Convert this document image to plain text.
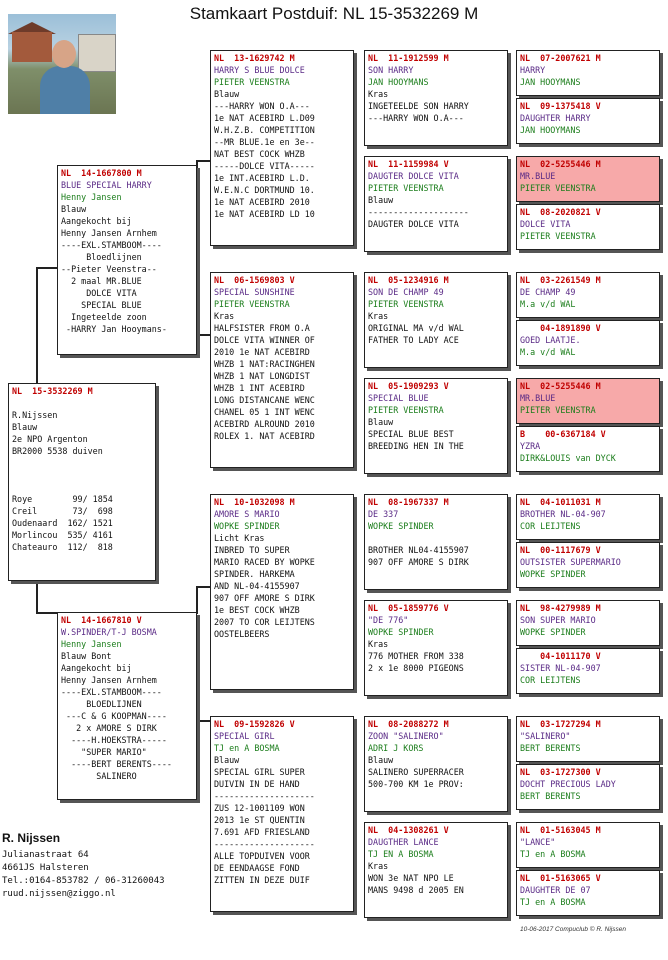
Stamkaart Postduif: NL 15-3532269 M
NL  15-3532269 M

R.Nijssen
Blauw
2e NPO Argenton
BR2000 5538 duiven

Roye        99/ 1854
Creil       73/  698
Oudenaard  162/ 1521
Morlincou  535/ 4161
Chateauro  112/  818
NL  14-1667800 M
BLUE SPECIAL HARRY
Henny Jansen
Blauw
Aangekocht bij
Henny Jansen Arnhem
----EXL.STAMBOOM----
Bloedlijnen
--Pieter Veenstra--
2 maal MR.BLUE
DOLCE VITA
SPECIAL BLUE
Ingeteelde zoon
-HARRY Jan Hooymans-
NL  14-1667810 V
W.SPINDER/T-J BOSMA
Henny Jansen
Blauw Bont
Aangekocht bij
Henny Jansen Arnhem
----EXL.STAMBOOM----
BLOEDLIJNEN
---C & G KOOPMAN----
2 x AMORE S DIRK
----H.HOEKSTRA-----
"SUPER MARIO"
----BERT BERENTS----
SALINERO
NL  13-1629742 M
HARRY S BLUE DOLCE
PIETER VEENSTRA
Blauw
---HARRY WON O.A---
1e NAT ACEBIRD L.D09
W.H.Z.B. COMPETITION
--MR BLUE.1e en 3e--
NAT BEST COCK WHZB
-----DOLCE VITA-----
1e INT.ACEBIRD L.D.
W.E.N.C DORTMUND 10.
1e NAT ACEBIRD 2010
1e NAT ACEBIRD LD 10
NL  06-1569803 V
SPECIAL SUNSHINE
PIETER VEENSTRA
Kras
HALFSISTER FROM O.A
DOLCE VITA WINNER OF
2010 1e NAT ACEBIRD
WHZB 1 NAT:RACINGHEN
WHZB 1 NAT LONGDIST
WHZB 1 INT ACEBIRD
LONG DISTANCANE WENC
CHANEL 05 1 INT WENC
ACEBIRD ALROUND 2010
ROLEX 1. NAT ACEBIRD
NL  10-1032098 M
AMORE S MARIO
WOPKE SPINDER
Licht Kras
INBRED TO SUPER
MARIO RACED BY WOPKE
SPINDER. HARKEMA
AND NL-04-4155907
907 OFF AMORE S DIRK
1e BEST COCK WHZB
2007 TO COR LEIJTENS
OOSTELBEERS
NL  09-1592826 V
SPECIAL GIRL
TJ en A BOSMA
Blauw
SPECIAL GIRL SUPER
DUIVIN IN DE HAND
--------------------
ZUS 12-1001109 WON
2013 1e ST QUENTIN
7.691 AFD FRIESLAND
--------------------
ALLE TOPDUIVEN VOOR
DE EENDAAGSE FOND
ZITTEN IN DEZE DUIF
NL  11-1912599 M
SON HARRY
JAN HOOYMANS
Kras
INGETEELDE SON HARRY
---HARRY WON O.A---
NL  11-1159984 V
DAUGTER DOLCE VITA
PIETER VEENSTRA
Blauw
--------------------
DAUGTER DOLCE VITA
NL  05-1234916 M
SON DE CHAMP 49
PIETER VEENSTRA
Kras
ORIGINAL MA v/d WAL
FATHER TO LADY ACE
NL  05-1909293 V
SPECIAL BLUE
PIETER VEENSTRA
Blauw
SPECIAL BLUE BEST
BREEDING HEN IN THE
NL  08-1967337 M
DE 337
WOPKE SPINDER

BROTHER NL04-4155907
907 OFF AMORE S DIRK
NL  05-1859776 V
"DE 776"
WOPKE SPINDER
Kras
776 MOTHER FROM 338
2 x 1e 8000 PIGEONS
NL  08-2088272 M
ZOON "SALINERO"
ADRI J KORS
Blauw
SALINERO SUPERRACER
500-700 KM 1e PROV:
NL  04-1308261 V
DAUGTHER LANCE
TJ EN A BOSMA
Kras
WON 3e NAT NPO LE
MANS 9498 d 2005 EN
NL  07-2007621 M
HARRY
JAN HOOYMANS
NL  09-1375418 V
DAUGHTER HARRY
JAN HOOYMANS
NL  02-5255446 M
MR.BLUE
PIETER VEENSTRA
NL  08-2020821 V
DOLCE VITA
PIETER VEENSTRA
NL  03-2261549 M
DE CHAMP 49
M.a v/d WAL
04-1891890 V
GOED LAATJE.
M.a v/d WAL
NL  02-5255446 M
MR.BLUE
PIETER VEENSTRA
B    00-6367184 V
YZRA
DIRK&LOUIS van DYCK
NL  04-1011031 M
BROTHER NL-04-907
COR LEIJTENS
NL  00-1117679 V
OUTSISTER SUPERMARIO
WOPKE SPINDER
NL  98-4279989 M
SON SUPER MARIO
WOPKE SPINDER
04-1011170 V
SISTER NL-04-907
COR LEIJTENS
NL  03-1727294 M
"SALINERO"
BERT BERENTS
NL  03-1727300 V
DOCHT PRECIOUS LADY
BERT BERENTS
NL  01-5163045 M
"LANCE"
TJ en A BOSMA
NL  01-5163065 V
DAUGHTER DE 07
TJ en A BOSMA
R. Nijssen
Julianastraat 64
4661JS Halsteren
Tel.:0164-853782 / 06-31260043
ruud.nijssen@ziggo.nl
10-06-2017 Compuclub © R. Nijssen
